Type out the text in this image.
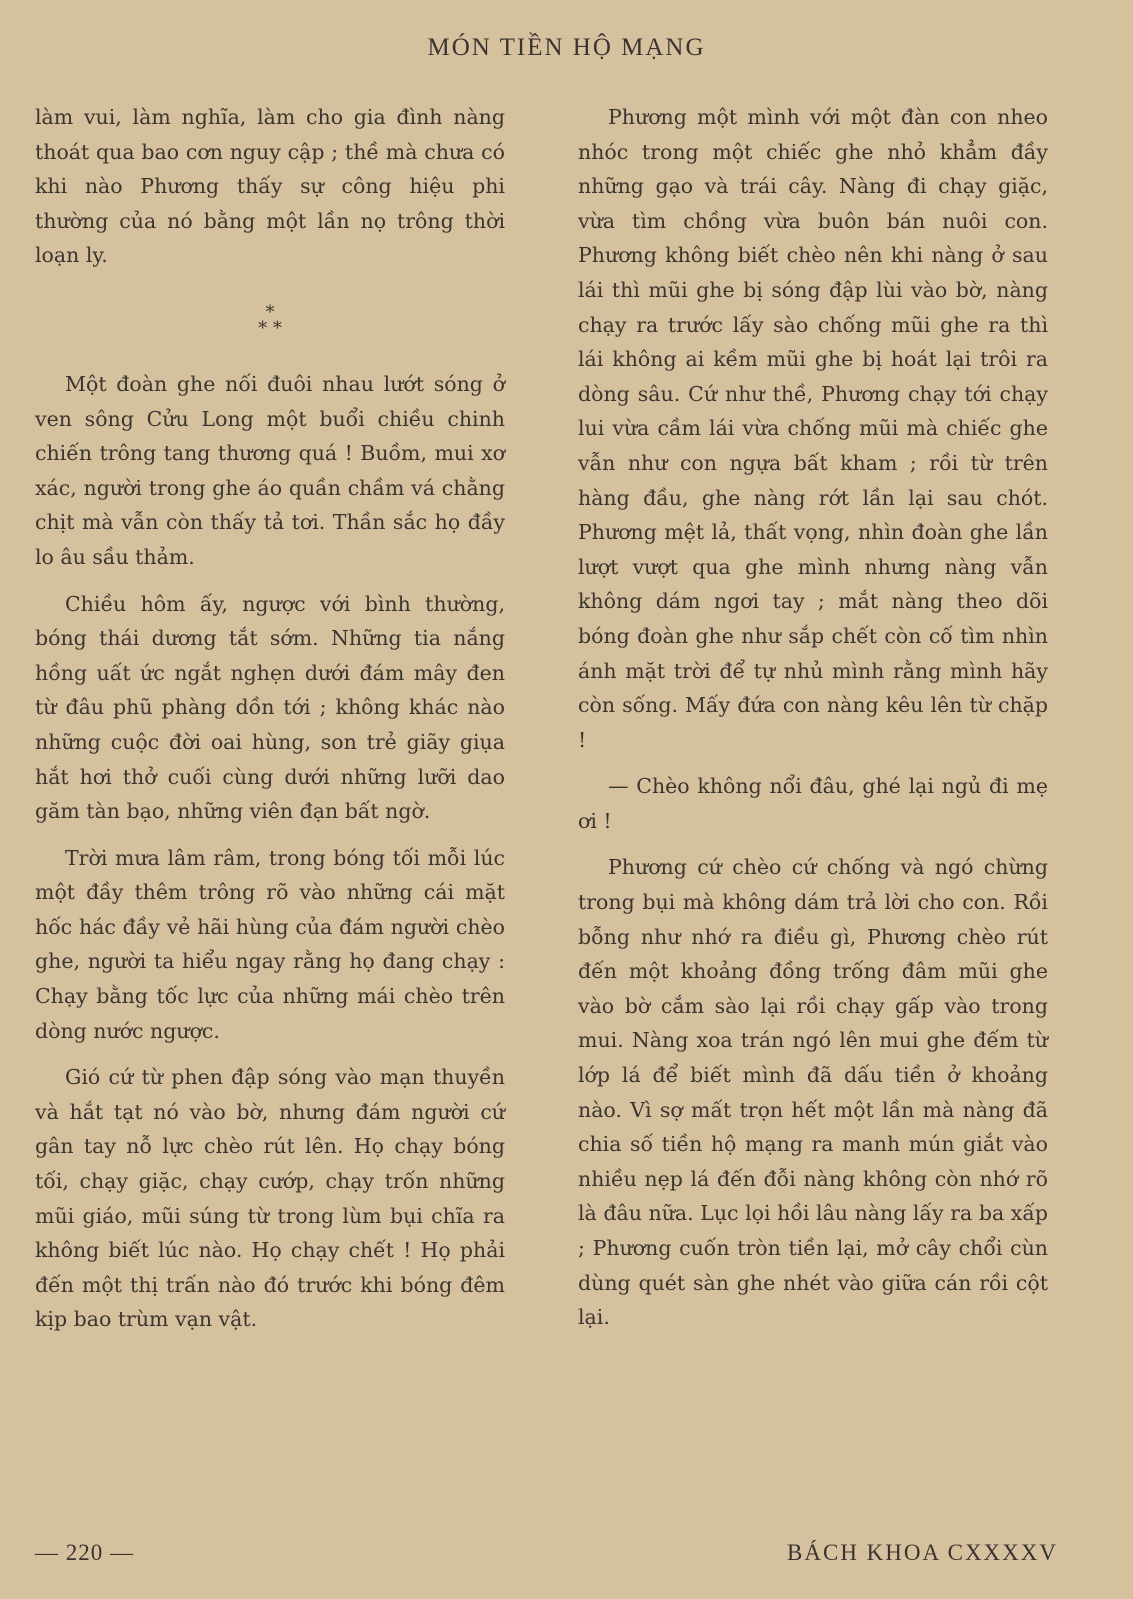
MÓN TIỀN HỘ MẠNG

làm vui, làm nghĩa, làm cho gia đình nàng thoát qua bao cơn nguy cập ; thề mà chưa có khi nào Phương thấy sự công hiệu phi thường của nó bằng một lần nọ trông thời loạn ly.

*
* *

Một đoàn ghe nối đuôi nhau lướt sóng ở ven sông Cửu Long một buổi chiều chinh chiến trông tang thương quá ! Buồm, mui xơ xác, người trong ghe áo quần chầm vá chằng chịt mà vẫn còn thấy tả tơi. Thần sắc họ đầy lo âu sầu thảm.

Chiều hôm ấy, ngược với bình thường, bóng thái dương tắt sớm. Những tia nắng hồng uất ức ngắt nghẹn dưới đám mây đen từ đâu phũ phàng dồn tới ; không khác nào những cuộc đời oai hùng, son trẻ giãy giụa hắt hơi thở cuối cùng dưới những lưỡi dao găm tàn bạo, những viên đạn bất ngờ.

Trời mưa lâm râm, trong bóng tối mỗi lúc một đầy thêm trông rõ vào những cái mặt hốc hác đầy vẻ hãi hùng của đám người chèo ghe, người ta hiểu ngay rằng họ đang chạy : Chạy bằng tốc lực của những mái chèo trên dòng nước ngược.

Gió cứ từ phen đập sóng vào mạn thuyền và hắt tạt nó vào bờ, nhưng đám người cứ gân tay nỗ lực chèo rút lên. Họ chạy bóng tối, chạy giặc, chạy cướp, chạy trốn những mũi giáo, mũi súng từ trong lùm bụi chĩa ra không biết lúc nào. Họ chạy chết ! Họ phải đến một thị trấn nào đó trước khi bóng đêm kịp bao trùm vạn vật.

Phương một mình với một đàn con nheo nhóc trong một chiếc ghe nhỏ khẳm đầy những gạo và trái cây. Nàng đi chạy giặc, vừa tìm chồng vừa buôn bán nuôi con. Phương không biết chèo nên khi nàng ở sau lái thì mũi ghe bị sóng đập lùi vào bờ, nàng chạy ra trước lấy sào chống mũi ghe ra thì lái không ai kềm mũi ghe bị hoát lại trôi ra dòng sâu. Cứ như thề, Phương chạy tới chạy lui vừa cầm lái vừa chống mũi mà chiếc ghe vẫn như con ngựa bất kham ; rồi từ trên hàng đầu, ghe nàng rớt lần lại sau chót. Phương mệt lả, thất vọng, nhìn đoàn ghe lần lượt vượt qua ghe mình nhưng nàng vẫn không dám ngơi tay ; mắt nàng theo dõi bóng đoàn ghe như sắp chết còn cố tìm nhìn ánh mặt trời để tự nhủ mình rằng mình hãy còn sống. Mấy đứa con nàng kêu lên từ chặp !

— Chèo không nổi đâu, ghé lại ngủ đi mẹ ơi !

Phương cứ chèo cứ chống và ngó chừng trong bụi mà không dám trả lời cho con. Rồi bỗng như nhớ ra điều gì, Phương chèo rút đến một khoảng đồng trống đâm mũi ghe vào bờ cắm sào lại rồi chạy gấp vào trong mui. Nàng xoa trán ngó lên mui ghe đếm từ lớp lá để biết mình đã dấu tiền ở khoảng nào. Vì sợ mất trọn hết một lần mà nàng đã chia số tiền hộ mạng ra manh mún giắt vào nhiều nẹp lá đến đỗi nàng không còn nhớ rõ là đâu nữa. Lục lọi hồi lâu nàng lấy ra ba xấp ; Phương cuốn tròn tiền lại, mở cây chổi cùn dùng quét sàn ghe nhét vào giữa cán rồi cột lại.

— 220 —	BÁCH KHOA CXXXXV
